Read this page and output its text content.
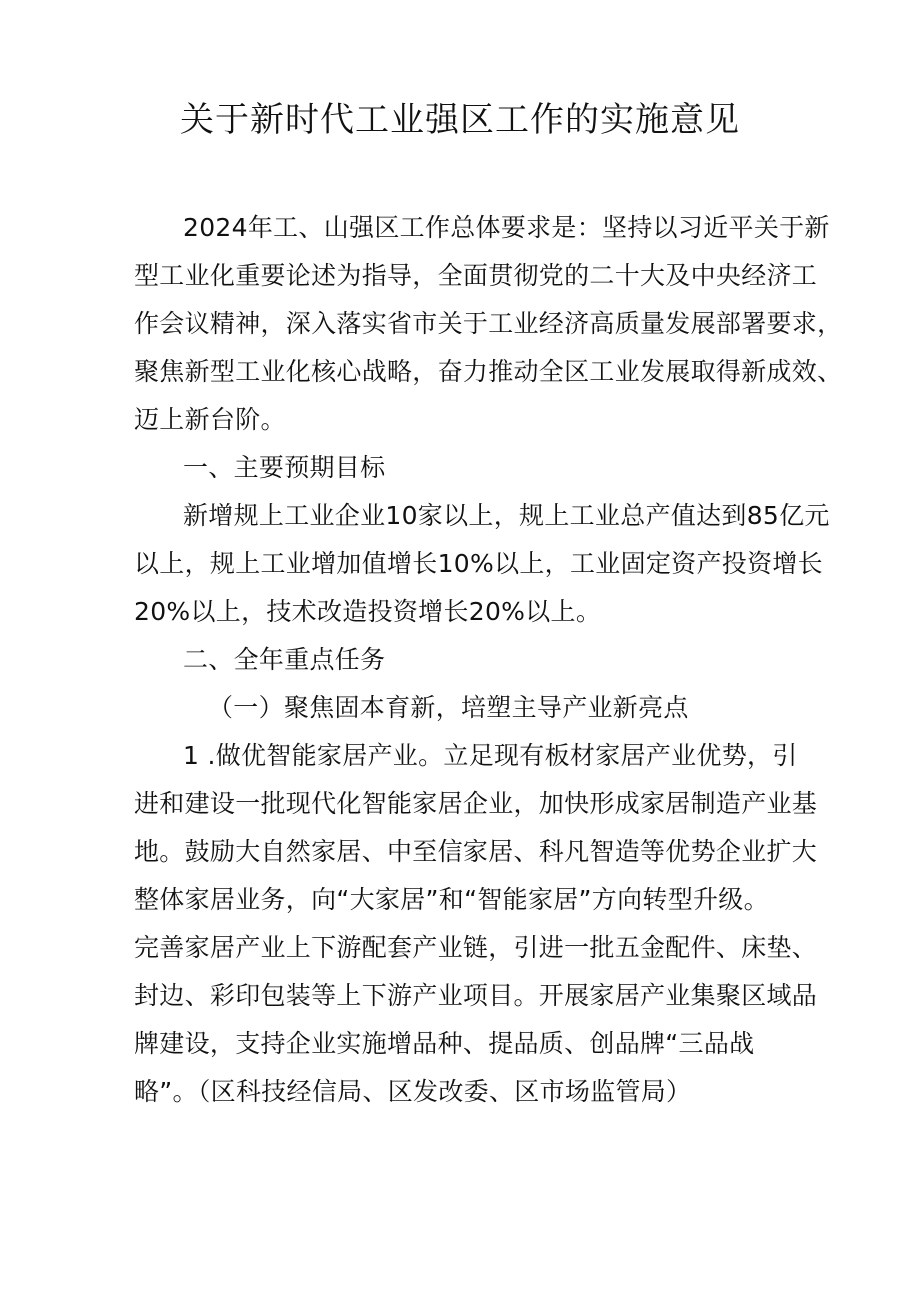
关于新时代工业强区工作的实施意见
2024年工、山强区工作总体要求是：坚持以习近平关于新
型工业化重要论述为指导，全面贯彻党的二十大及中央经济工
作会议精神，深入落实省市关于工业经济高质量发展部署要求，
聚焦新型工业化核心战略，奋力推动全区工业发展取得新成效、
迈上新台阶。
一、主要预期目标
新增规上工业企业10家以上，规上工业总产值达到85亿元
以上，规上工业增加值增长10%以上，工业固定资产投资增长
20%以上，技术改造投资增长20%以上。
二、全年重点任务
（一）聚焦固本育新，培塑主导产业新亮点
1 .做优智能家居产业。立足现有板材家居产业优势，引
进和建设一批现代化智能家居企业，加快形成家居制造产业基
地。鼓励大自然家居、中至信家居、科凡智造等优势企业扩大
整体家居业务，向“大家居”和“智能家居”方向转型升级。
完善家居产业上下游配套产业链，引进一批五金配件、床垫、
封边、彩印包装等上下游产业项目。开展家居产业集聚区域品
牌建设，支持企业实施增品种、提品质、创品牌“三品战
略”。（区科技经信局、区发改委、区市场监管局）
